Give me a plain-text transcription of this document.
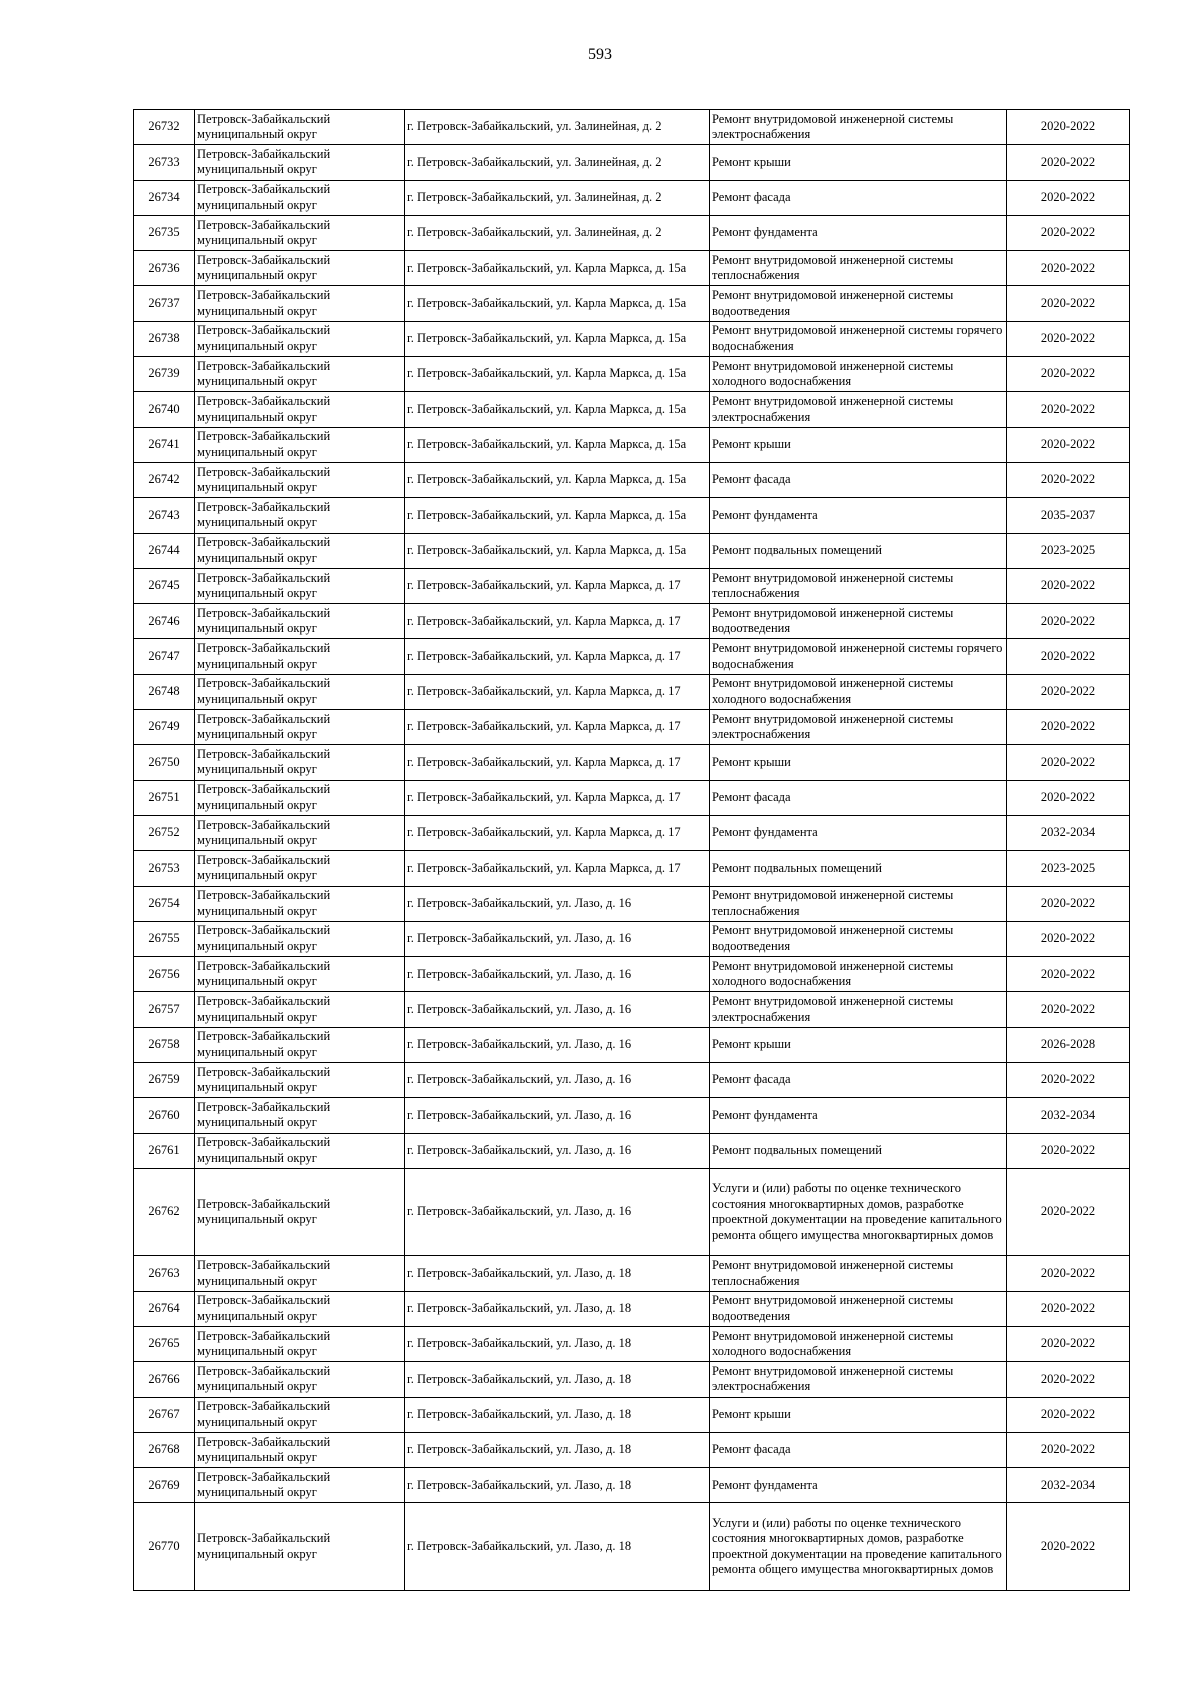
593
26732	Петровск-Забайкальский муниципальный округ	г. Петровск-Забайкальский, ул. Залинейная, д. 2	Ремонт внутридомовой инженерной системы электроснабжения	2020-2022
26733	Петровск-Забайкальский муниципальный округ	г. Петровск-Забайкальский, ул. Залинейная, д. 2	Ремонт крыши	2020-2022
26734	Петровск-Забайкальский муниципальный округ	г. Петровск-Забайкальский, ул. Залинейная, д. 2	Ремонт фасада	2020-2022
26735	Петровск-Забайкальский муниципальный округ	г. Петровск-Забайкальский, ул. Залинейная, д. 2	Ремонт фундамента	2020-2022
26736	Петровск-Забайкальский муниципальный округ	г. Петровск-Забайкальский, ул. Карла Маркса, д. 15а	Ремонт внутридомовой инженерной системы теплоснабжения	2020-2022
26737	Петровск-Забайкальский муниципальный округ	г. Петровск-Забайкальский, ул. Карла Маркса, д. 15а	Ремонт внутридомовой инженерной системы водоотведения	2020-2022
26738	Петровск-Забайкальский муниципальный округ	г. Петровск-Забайкальский, ул. Карла Маркса, д. 15а	Ремонт внутридомовой инженерной системы горячего водоснабжения	2020-2022
26739	Петровск-Забайкальский муниципальный округ	г. Петровск-Забайкальский, ул. Карла Маркса, д. 15а	Ремонт внутридомовой инженерной системы холодного водоснабжения	2020-2022
26740	Петровск-Забайкальский муниципальный округ	г. Петровск-Забайкальский, ул. Карла Маркса, д. 15а	Ремонт внутридомовой инженерной системы электроснабжения	2020-2022
26741	Петровск-Забайкальский муниципальный округ	г. Петровск-Забайкальский, ул. Карла Маркса, д. 15а	Ремонт крыши	2020-2022
26742	Петровск-Забайкальский муниципальный округ	г. Петровск-Забайкальский, ул. Карла Маркса, д. 15а	Ремонт фасада	2020-2022
26743	Петровск-Забайкальский муниципальный округ	г. Петровск-Забайкальский, ул. Карла Маркса, д. 15а	Ремонт фундамента	2035-2037
26744	Петровск-Забайкальский муниципальный округ	г. Петровск-Забайкальский, ул. Карла Маркса, д. 15а	Ремонт подвальных помещений	2023-2025
26745	Петровск-Забайкальский муниципальный округ	г. Петровск-Забайкальский, ул. Карла Маркса, д. 17	Ремонт внутридомовой инженерной системы теплоснабжения	2020-2022
26746	Петровск-Забайкальский муниципальный округ	г. Петровск-Забайкальский, ул. Карла Маркса, д. 17	Ремонт внутридомовой инженерной системы водоотведения	2020-2022
26747	Петровск-Забайкальский муниципальный округ	г. Петровск-Забайкальский, ул. Карла Маркса, д. 17	Ремонт внутридомовой инженерной системы горячего водоснабжения	2020-2022
26748	Петровск-Забайкальский муниципальный округ	г. Петровск-Забайкальский, ул. Карла Маркса, д. 17	Ремонт внутридомовой инженерной системы холодного водоснабжения	2020-2022
26749	Петровск-Забайкальский муниципальный округ	г. Петровск-Забайкальский, ул. Карла Маркса, д. 17	Ремонт внутридомовой инженерной системы электроснабжения	2020-2022
26750	Петровск-Забайкальский муниципальный округ	г. Петровск-Забайкальский, ул. Карла Маркса, д. 17	Ремонт крыши	2020-2022
26751	Петровск-Забайкальский муниципальный округ	г. Петровск-Забайкальский, ул. Карла Маркса, д. 17	Ремонт фасада	2020-2022
26752	Петровск-Забайкальский муниципальный округ	г. Петровск-Забайкальский, ул. Карла Маркса, д. 17	Ремонт фундамента	2032-2034
26753	Петровск-Забайкальский муниципальный округ	г. Петровск-Забайкальский, ул. Карла Маркса, д. 17	Ремонт подвальных помещений	2023-2025
26754	Петровск-Забайкальский муниципальный округ	г. Петровск-Забайкальский, ул. Лазо, д. 16	Ремонт внутридомовой инженерной системы теплоснабжения	2020-2022
26755	Петровск-Забайкальский муниципальный округ	г. Петровск-Забайкальский, ул. Лазо, д. 16	Ремонт внутридомовой инженерной системы водоотведения	2020-2022
26756	Петровск-Забайкальский муниципальный округ	г. Петровск-Забайкальский, ул. Лазо, д. 16	Ремонт внутридомовой инженерной системы холодного водоснабжения	2020-2022
26757	Петровск-Забайкальский муниципальный округ	г. Петровск-Забайкальский, ул. Лазо, д. 16	Ремонт внутридомовой инженерной системы электроснабжения	2020-2022
26758	Петровск-Забайкальский муниципальный округ	г. Петровск-Забайкальский, ул. Лазо, д. 16	Ремонт крыши	2026-2028
26759	Петровск-Забайкальский муниципальный округ	г. Петровск-Забайкальский, ул. Лазо, д. 16	Ремонт фасада	2020-2022
26760	Петровск-Забайкальский муниципальный округ	г. Петровск-Забайкальский, ул. Лазо, д. 16	Ремонт фундамента	2032-2034
26761	Петровск-Забайкальский муниципальный округ	г. Петровск-Забайкальский, ул. Лазо, д. 16	Ремонт подвальных помещений	2020-2022
26762	Петровск-Забайкальский муниципальный округ	г. Петровск-Забайкальский, ул. Лазо, д. 16	Услуги и (или) работы по оценке технического состояния многоквартирных домов, разработке проектной документации на проведение капитального ремонта общего имущества многоквартирных домов	2020-2022
26763	Петровск-Забайкальский муниципальный округ	г. Петровск-Забайкальский, ул. Лазо, д. 18	Ремонт внутридомовой инженерной системы теплоснабжения	2020-2022
26764	Петровск-Забайкальский муниципальный округ	г. Петровск-Забайкальский, ул. Лазо, д. 18	Ремонт внутридомовой инженерной системы водоотведения	2020-2022
26765	Петровск-Забайкальский муниципальный округ	г. Петровск-Забайкальский, ул. Лазо, д. 18	Ремонт внутридомовой инженерной системы холодного водоснабжения	2020-2022
26766	Петровск-Забайкальский муниципальный округ	г. Петровск-Забайкальский, ул. Лазо, д. 18	Ремонт внутридомовой инженерной системы электроснабжения	2020-2022
26767	Петровск-Забайкальский муниципальный округ	г. Петровск-Забайкальский, ул. Лазо, д. 18	Ремонт крыши	2020-2022
26768	Петровск-Забайкальский муниципальный округ	г. Петровск-Забайкальский, ул. Лазо, д. 18	Ремонт фасада	2020-2022
26769	Петровск-Забайкальский муниципальный округ	г. Петровск-Забайкальский, ул. Лазо, д. 18	Ремонт фундамента	2032-2034
26770	Петровск-Забайкальский муниципальный округ	г. Петровск-Забайкальский, ул. Лазо, д. 18	Услуги и (или) работы по оценке технического состояния многоквартирных домов, разработке проектной документации на проведение капитального ремонта общего имущества многоквартирных домов	2020-2022
